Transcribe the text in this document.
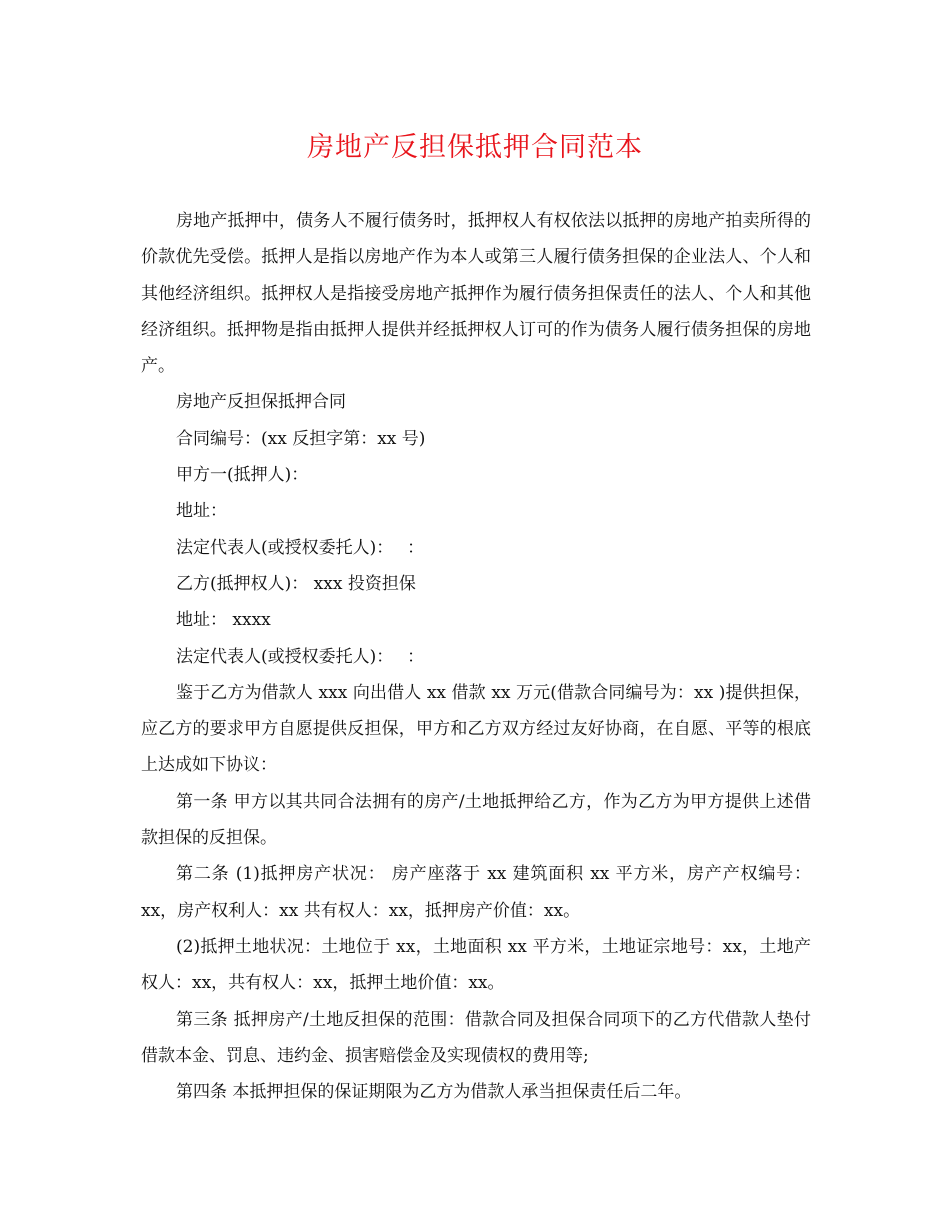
房地产反担保抵押合同范本

房地产抵押中，债务人不履行债务时，抵押权人有权依法以抵押的房地产拍卖所得的价款优先受偿。抵押人是指以房地产作为本人或第三人履行债务担保的企业法人、个人和其他经济组织。抵押权人是指接受房地产抵押作为履行债务担保责任的法人、个人和其他经济组织。抵押物是指由抵押人提供并经抵押权人订可的作为债务人履行债务担保的房地产。

房地产反担保抵押合同

合同编号：(xx 反担字第：xx 号)

甲方一(抵押人)：

地址：

法定代表人(或授权委托人)：　 ：

乙方(抵押权人)： xxx 投资担保

地址： xxxx

法定代表人(或授权委托人)：　 ：

鉴于乙方为借款人 xxx 向出借人 xx 借款 xx 万元(借款合同编号为：xx )提供担保，应乙方的要求甲方自愿提供反担保，甲方和乙方双方经过友好协商，在自愿、平等的根底上达成如下协议：

第一条 甲方以其共同合法拥有的房产/土地抵押给乙方，作为乙方为甲方提供上述借款担保的反担保。

第二条 (1)抵押房产状况： 房产座落于 xx 建筑面积 xx 平方米，房产产权编号：xx，房产权利人：xx 共有权人：xx，抵押房产价值：xx。

(2)抵押土地状况：土地位于 xx，土地面积 xx 平方米，土地证宗地号：xx，土地产权人：xx，共有权人：xx，抵押土地价值：xx。

第三条 抵押房产/土地反担保的范围：借款合同及担保合同项下的乙方代借款人垫付借款本金、罚息、违约金、损害赔偿金及实现债权的费用等;

第四条 本抵押担保的保证期限为乙方为借款人承当担保责任后二年。
